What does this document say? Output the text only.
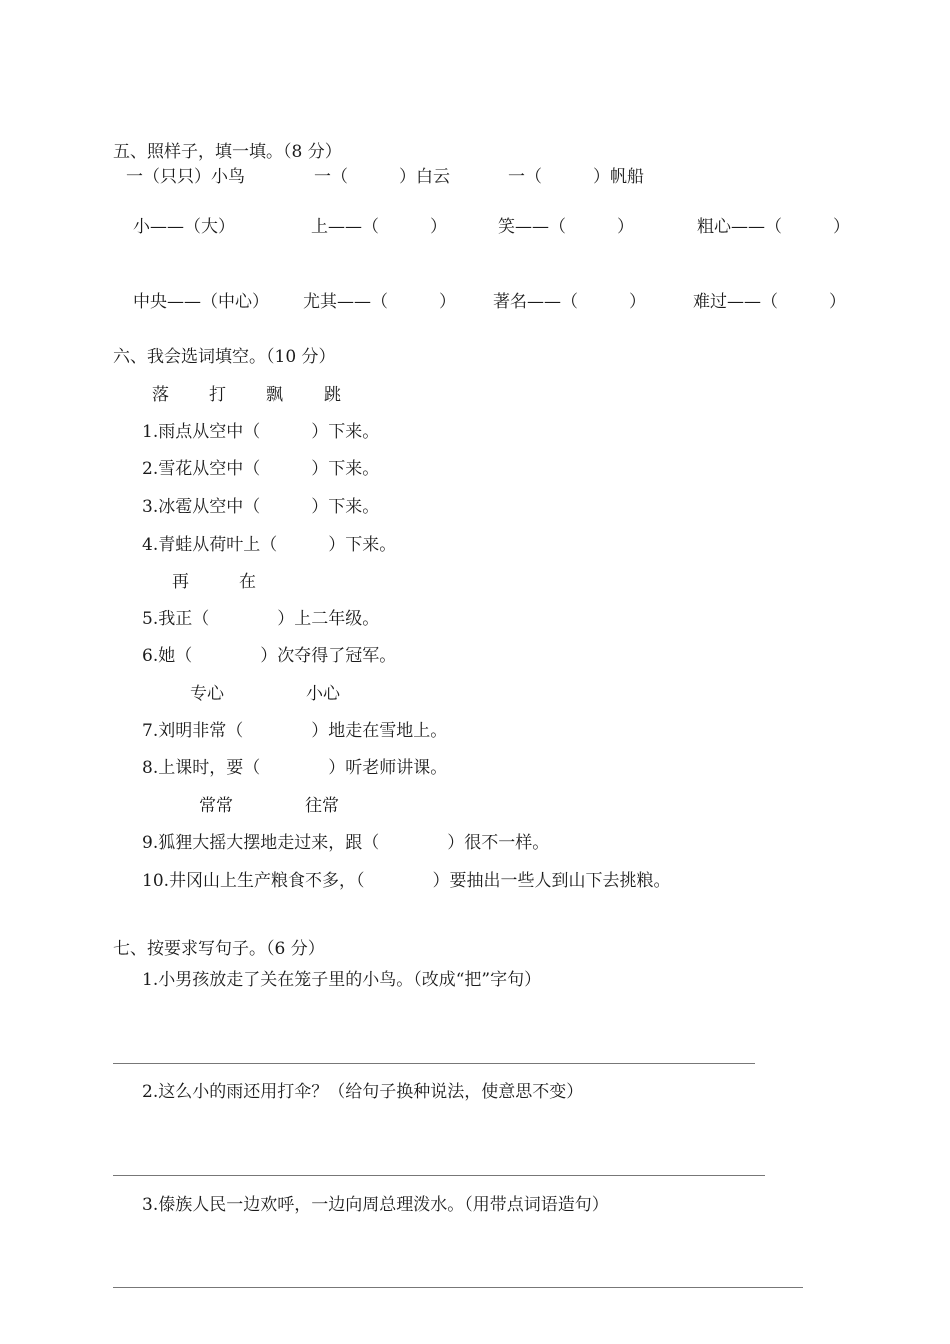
五、照样子，填一填。（8 分）
一（只只）小鸟	一（　　　）白云	一（　　　）帆船
小——（大）	上——（　　　）	笑——（　　　）	粗心——（　　　）
中央——（中心） 尤其——（　　　） 著名——（　　　）	难过——（　　　）
六、我会选词填空。（10 分）
落 打 飘 跳
1.雨点从空中（　　　）下来。
2.雪花从空中（　　　）下来。
3.冰雹从空中（　　　）下来。
4.青蛙从荷叶上（　　　）下来。
再	在
5.我正（　　　　）上二年级。
6.她（　　　　）次夺得了冠军。
专心	小心
7.刘明非常（　　　　）地走在雪地上。
8.上课时，要（　　　　）听老师讲课。
常常	往常
9.狐狸大摇大摆地走过来，跟（　　　　）很不一样。
10.井冈山上生产粮食不多，（　　　　）要抽出一些人到山下去挑粮。
七、按要求写句子。（6 分）
1.小男孩放走了关在笼子里的小鸟。（改成“把”字句）
2.这么小的雨还用打伞？（给句子换种说法，使意思不变）
3.傣族人民一边欢呼，一边向周总理泼水。（用带点词语造句）
